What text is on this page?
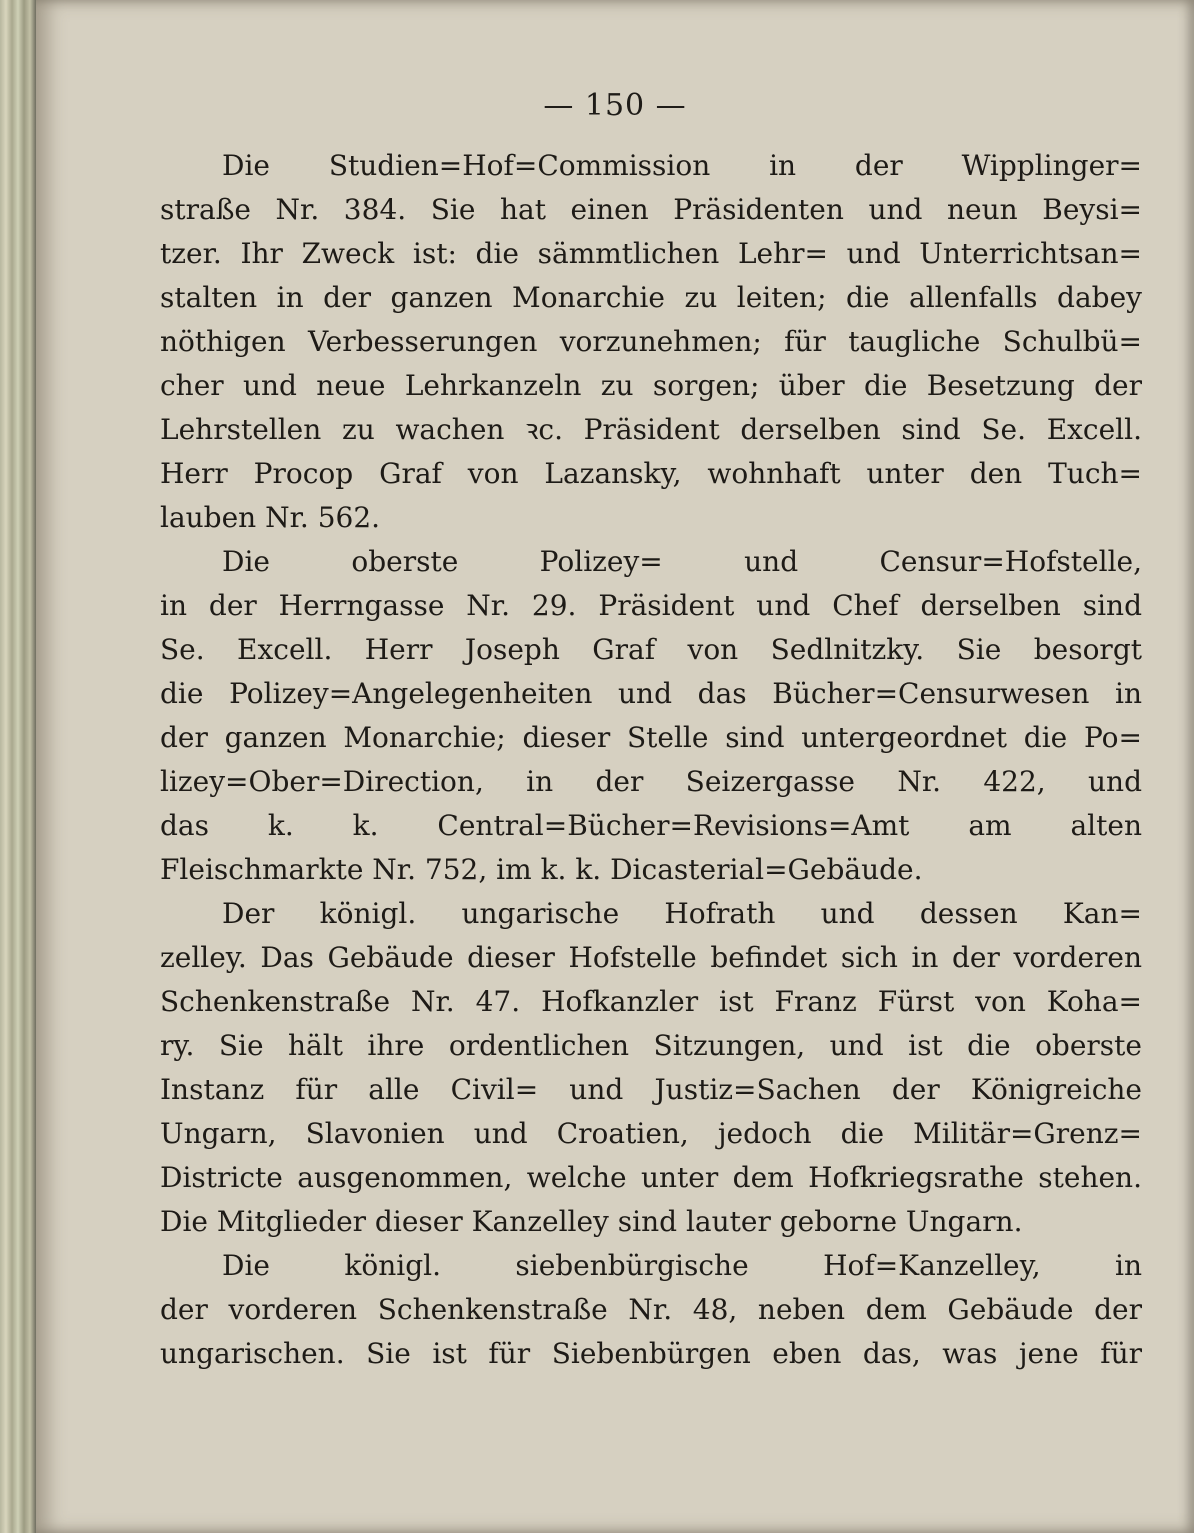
— 150 —
Die Studien=Hof=Commission in der Wipplinger=
straße Nr. 384. Sie hat einen Präsidenten und neun Beysi=
tzer. Ihr Zweck ist: die sämmtlichen Lehr= und Unterrichtsan=
stalten in der ganzen Monarchie zu leiten; die allenfalls dabey
nöthigen Verbesserungen vorzunehmen; für taugliche Schulbü=
cher und neue Lehrkanzeln zu sorgen; über die Besetzung der
Lehrstellen zu wachen ꝛc. Präsident derselben sind Se. Excell.
Herr Procop Graf von Lazansky, wohnhaft unter den Tuch=
lauben Nr. 562.
Die oberste Polizey= und Censur=Hofstelle,
in der Herrngasse Nr. 29. Präsident und Chef derselben sind
Se. Excell. Herr Joseph Graf von Sedlnitzky. Sie besorgt
die Polizey=Angelegenheiten und das Bücher=Censurwesen in
der ganzen Monarchie; dieser Stelle sind untergeordnet die Po=
lizey=Ober=Direction, in der Seizergasse Nr. 422, und
das k. k. Central=Bücher=Revisions=Amt am alten
Fleischmarkte Nr. 752, im k. k. Dicasterial=Gebäude.
Der königl. ungarische Hofrath und dessen Kan=
zelley. Das Gebäude dieser Hofstelle befindet sich in der vorderen
Schenkenstraße Nr. 47. Hofkanzler ist Franz Fürst von Koha=
ry. Sie hält ihre ordentlichen Sitzungen, und ist die oberste
Instanz für alle Civil= und Justiz=Sachen der Königreiche
Ungarn, Slavonien und Croatien, jedoch die Militär=Grenz=
Districte ausgenommen, welche unter dem Hofkriegsrathe stehen.
Die Mitglieder dieser Kanzelley sind lauter geborne Ungarn.
Die königl. siebenbürgische Hof=Kanzelley, in
der vorderen Schenkenstraße Nr. 48, neben dem Gebäude der
ungarischen. Sie ist für Siebenbürgen eben das, was jene für
